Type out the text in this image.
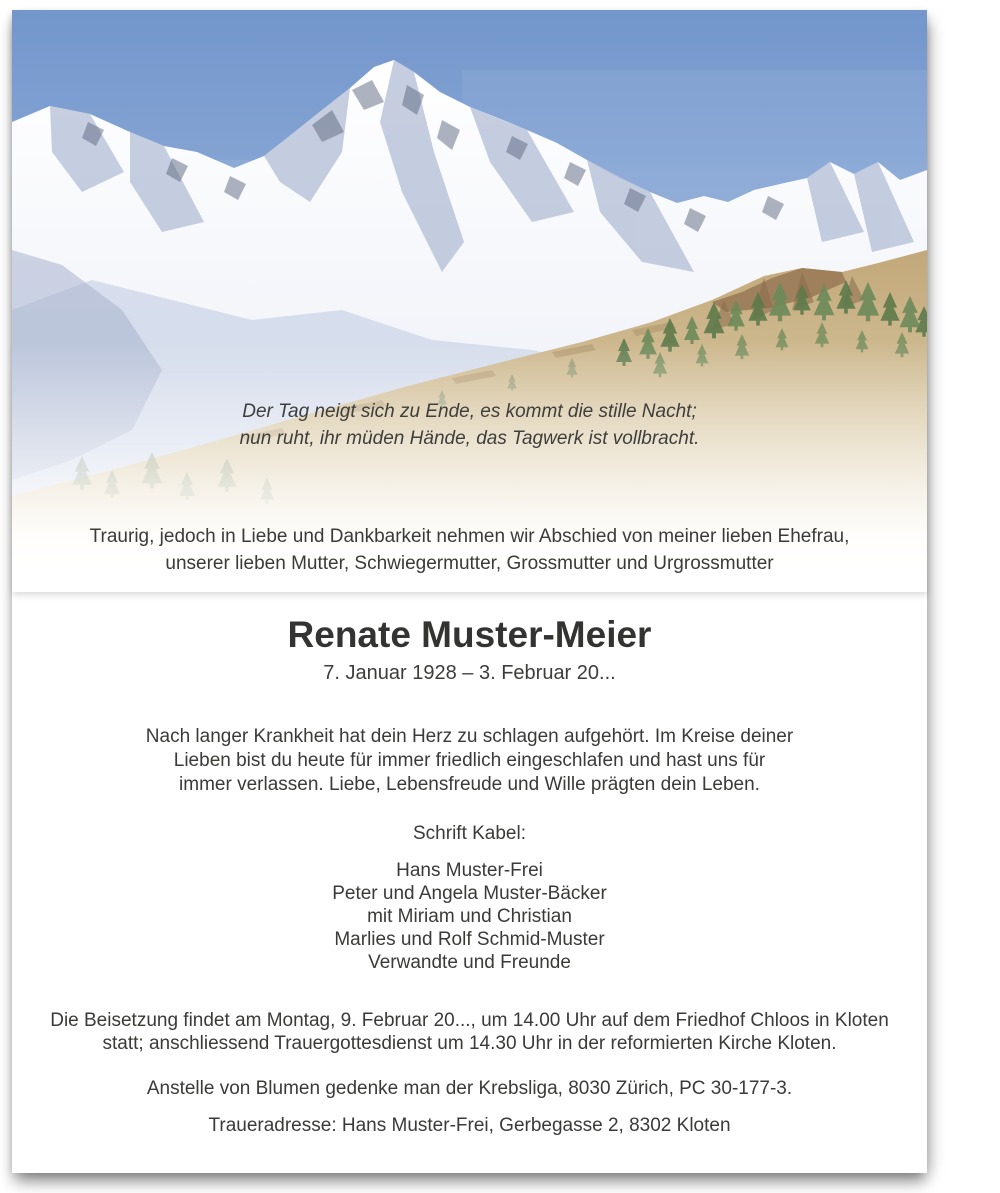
Der Tag neigt sich zu Ende, es kommt die stille Nacht;
nun ruht, ihr müden Hände, das Tagwerk ist vollbracht.
Traurig, jedoch in Liebe und Dankbarkeit nehmen wir Abschied von meiner lieben Ehefrau,
unserer lieben Mutter, Schwiegermutter, Grossmutter und Urgrossmutter
Renate Muster-Meier
7. Januar 1928 – 3. Februar 20...
Nach langer Krankheit hat dein Herz zu schlagen aufgehört. Im Kreise deiner
Lieben bist du heute für immer friedlich eingeschlafen und hast uns für
immer verlassen. Liebe, Lebensfreude und Wille prägten dein Leben.
Schrift Kabel:
Hans Muster-Frei
Peter und Angela Muster-Bäcker
mit Miriam und Christian
Marlies und Rolf Schmid-Muster
Verwandte und Freunde
Die Beisetzung findet am Montag, 9. Februar 20..., um 14.00 Uhr auf dem Friedhof Chloos in Kloten
statt; anschliessend Trauergottesdienst um 14.30 Uhr in der reformierten Kirche Kloten.
Anstelle von Blumen gedenke man der Krebsliga, 8030 Zürich, PC 30-177-3.
Traueradresse: Hans Muster-Frei, Gerbegasse 2, 8302 Kloten
